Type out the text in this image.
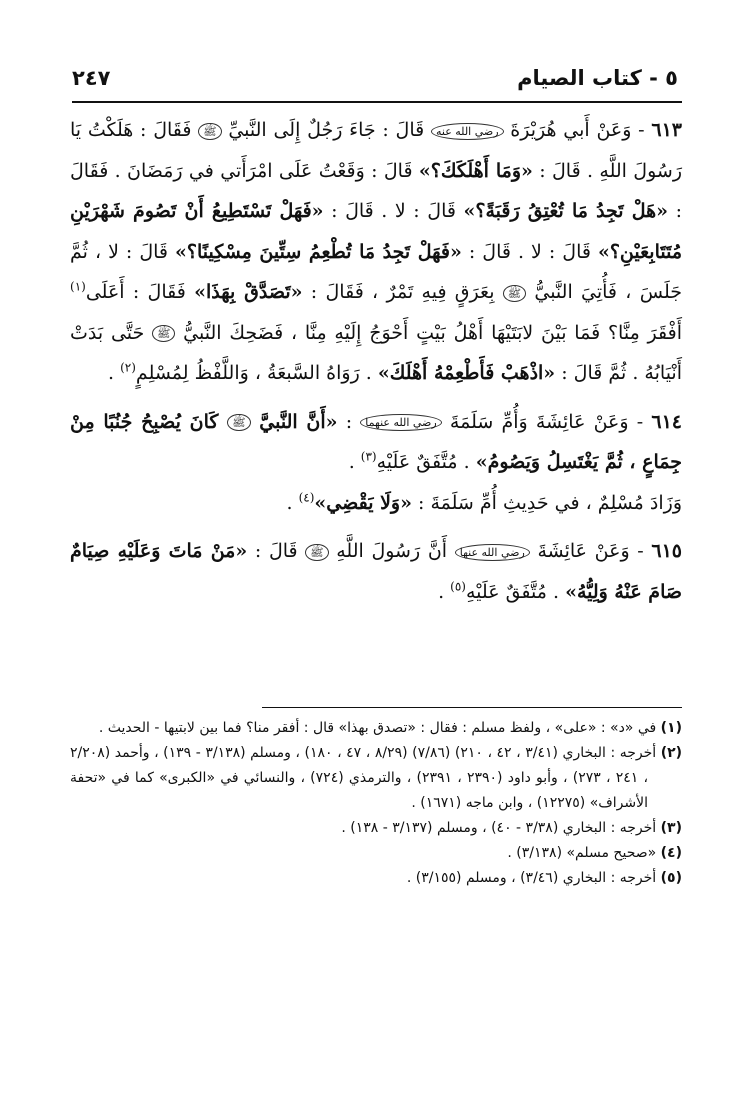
٥ - كتاب الصيام
٢٤٧

٦١٣ - وَعَنْ أَبي هُرَيْرَةَ رضي الله عنه قَالَ : جَاءَ رَجُلٌ إِلَى النَّبيِّ ﷺ فَقَالَ : هَلَكْتُ يَا رَسُولَ اللَّهِ . قَالَ : «وَمَا أَهْلَكَكَ؟» قَالَ : وَقَعْتُ عَلَى امْرَأَتي في رَمَضَانَ . فَقَالَ : «هَلْ تَجِدُ مَا تُعْتِقُ رَقَبَةً؟» قَالَ : لا . قَالَ : «فَهَلْ تَسْتَطِيعُ أَنْ تَصُومَ شَهْرَيْنِ مُتَتَابِعَيْنِ؟» قَالَ : لا . قَالَ : «فَهَلْ تَجِدُ مَا تُطْعِمُ سِتِّينَ مِسْكِينًا؟» قَالَ : لا ، ثُمَّ جَلَسَ ، فَأُتِيَ النَّبيُّ ﷺ بِعَرَقٍ فِيهِ تَمْرٌ ، فَقَالَ : «تَصَدَّقْ بِهَذَا» فَقَالَ : أَعَلَى$^{(١)}$ أَفْقَرَ مِنَّا؟ فَمَا بَيْنَ لابَتَيْهَا أَهْلُ بَيْتٍ أَحْوَجُ إِلَيْهِ مِنَّا ، فَضَحِكَ النَّبيُّ ﷺ حَتَّى بَدَتْ أَنْيَابُهُ . ثُمَّ قَالَ : «اذْهَبْ فَأَطْعِمْهُ أَهْلَكَ» . رَوَاهُ السَّبعَةُ ، وَاللَّفْظُ لِمُسْلِمٍ$^{(٢)}$ .

٦١٤ - وَعَنْ عَائِشَةَ وَأُمِّ سَلَمَةَ رضي الله عنهما : «أَنَّ النَّبيَّ ﷺ كَانَ يُصْبِحُ جُنُبًا مِنْ جِمَاعٍ ، ثُمَّ يَغْتَسِلُ وَيَصُومُ» . مُتَّفَقٌ عَلَيْهِ$^{(٣)}$ .

وَزَادَ مُسْلِمٌ ، في حَدِيثِ أُمِّ سَلَمَةَ : «وَلَا يَقْضِي»$^{(٤)}$ .

٦١٥ - وَعَنْ عَائِشَةَ رضي الله عنها أَنَّ رَسُولَ اللَّهِ ﷺ قَالَ : «مَنْ مَاتَ وَعَلَيْهِ صِيَامٌ صَامَ عَنْهُ وَلِيُّهُ» . مُتَّفَقٌ عَلَيْهِ$^{(٥)}$ .

(١) في «د» : «على» ، ولفظ مسلم : فقال : «تصدق بهذا» قال : أفقر منا؟ فما بين لابتيها - الحديث .

(٢) أخرجه : البخاري (٣/٤١ ، ٤٢ ، ٢١٠) (٧/٨٦) (٨/٢٩ ، ٤٧ ، ١٨٠) ، ومسلم (٣/١٣٨ - ١٣٩) ، وأحمد (٢/٢٠٨ ، ٢٤١ ، ٢٧٣) ، وأبو داود (٢٣٩٠ ، ٢٣٩١) ، والترمذي (٧٢٤) ، والنسائي في «الكبرى» كما في «تحفة الأشراف» (١٢٢٧٥) ، وابن ماجه (١٦٧١) .

(٣) أخرجه : البخاري (٣/٣٨ - ٤٠) ، ومسلم (٣/١٣٧ - ١٣٨) .

(٤) «صحيح مسلم» (٣/١٣٨) .

(٥) أخرجه : البخاري (٣/٤٦) ، ومسلم (٣/١٥٥) .
